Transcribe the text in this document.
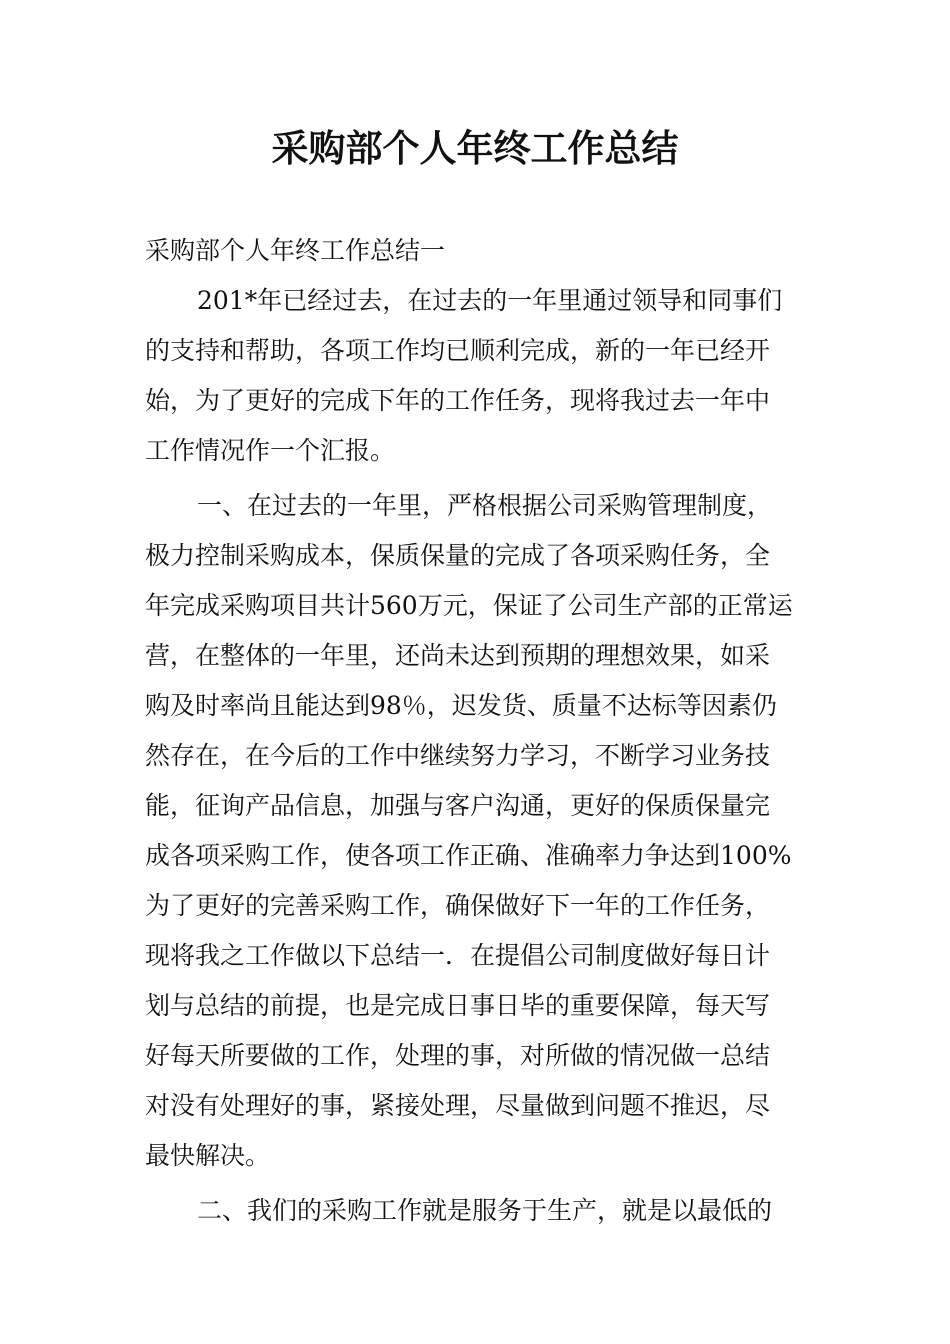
采购部个人年终工作总结

采购部个人年终工作总结一

201*年已经过去，在过去的一年里通过领导和同事们
的支持和帮助，各项工作均已顺利完成，新的一年已经开
始，为了更好的完成下年的工作任务，现将我过去一年中
工作情况作一个汇报。
一、在过去的一年里，严格根据公司采购管理制度，
极力控制采购成本，保质保量的完成了各项采购任务，全
年完成采购项目共计560万元，保证了公司生产部的正常运
营，在整体的一年里，还尚未达到预期的理想效果，如采
购及时率尚且能达到98％，迟发货、质量不达标等因素仍
然存在，在今后的工作中继续努力学习，不断学习业务技
能，征询产品信息，加强与客户沟通，更好的保质保量完
成各项采购工作，使各项工作正确、准确率力争达到100%
为了更好的完善采购工作，确保做好下一年的工作任务，
现将我之工作做以下总结一．在提倡公司制度做好每日计
划与总结的前提，也是完成日事日毕的重要保障，每天写
好每天所要做的工作，处理的事，对所做的情况做一总结
对没有处理好的事，紧接处理，尽量做到问题不推迟，尽
最快解决。
二、我们的采购工作就是服务于生产，就是以最低的
